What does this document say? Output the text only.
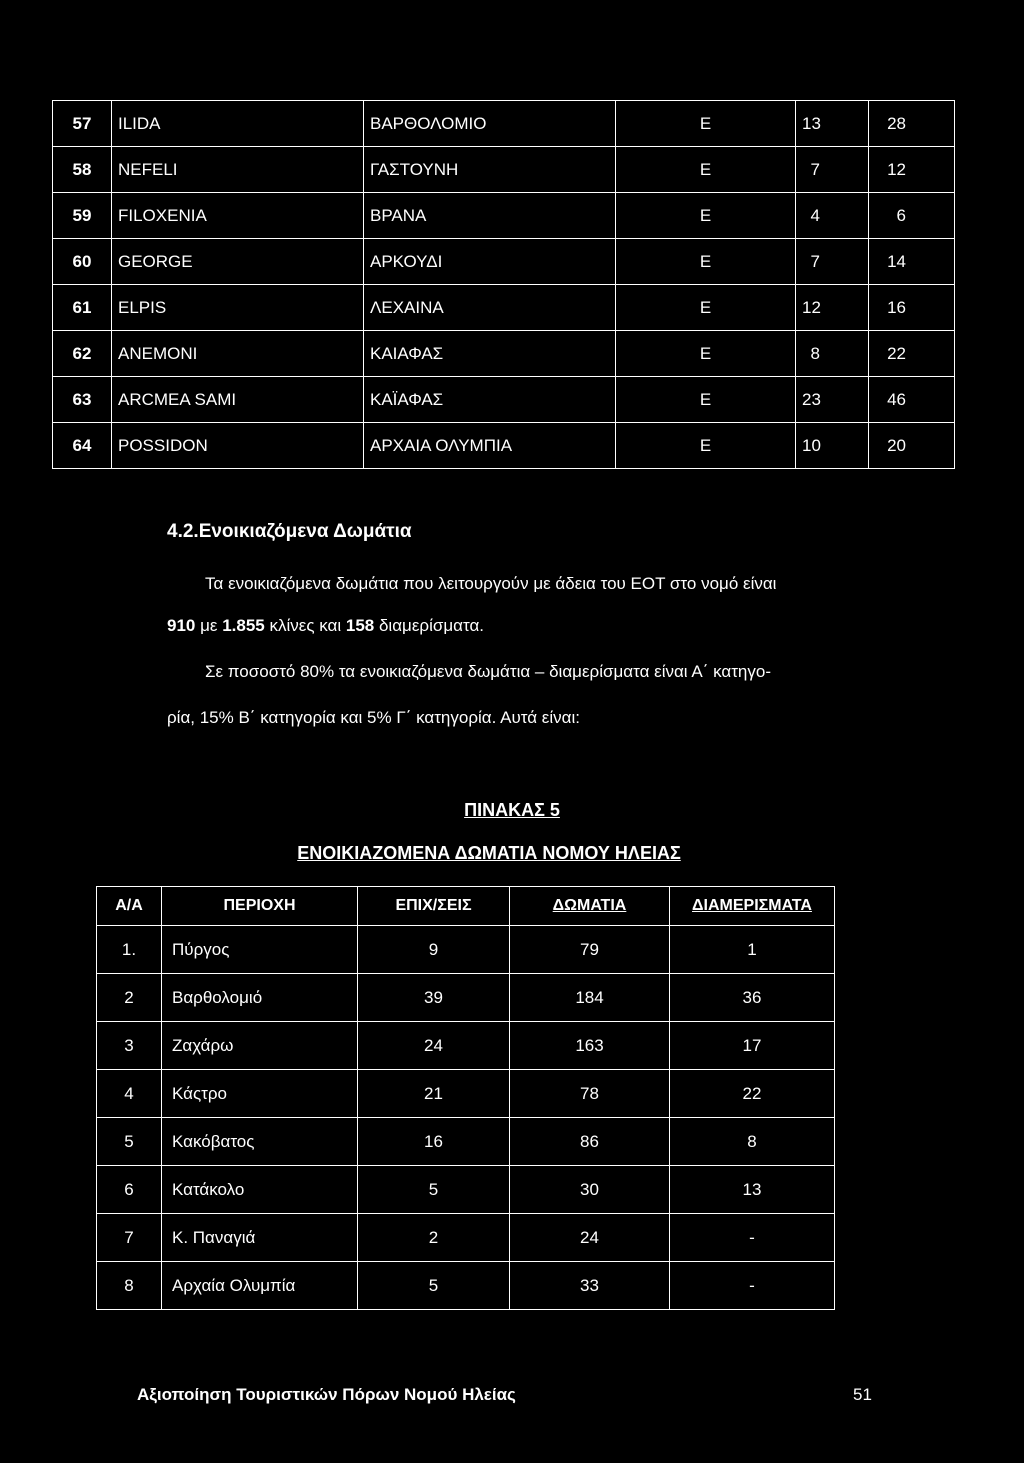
57	ILIDA	ΒΑΡΘΟΛΟΜΙΟ	Ε	13	28
58	NEFELI	ΓΑΣΤΟΥΝΗ	Ε	7	12
59	FILOXENIA	ΒΡΑΝΑ	Ε	4	6
60	GEORGE	ΑΡΚΟΥΔΙ	Ε	7	14
61	ELPIS	ΛΕΧΑΙΝΑ	Ε	12	16
62	ANEMONI	ΚΑΙΑΦΑΣ	Ε	8	22
63	ARCMEA SAMI	ΚΑΪΑΦΑΣ	Ε	23	46
64	POSSIDON	ΑΡΧΑΙΑ ΟΛΥΜΠΙΑ	Ε	10	20
4.2.Ενοικιαζόμενα Δωμάτια

Τα ενοικιαζόμενα δωμάτια που λειτουργούν με άδεια του ΕΟΤ στο νομό είναι

910 με 1.855 κλίνες και 158 διαμερίσματα.

Σε ποσοστό 80% τα ενοικιαζόμενα δωμάτια – διαμερίσματα είναι Α΄ κατηγο-

ρία, 15% Β΄ κατηγορία και 5% Γ΄ κατηγορία. Αυτά είναι:

ΠΙΝΑΚΑΣ 5

ΕΝΟΙΚΙΑΖΟΜΕΝΑ ΔΩΜΑΤΙΑ ΝΟΜΟΥ ΗΛΕΙΑΣ

Α/Α	ΠΕΡΙΟΧΗ	ΕΠΙΧ/ΣΕΙΣ	ΔΩΜΑΤΙΑ	ΔΙΑΜΕΡΙΣΜΑΤΑ
1.	Πύργος	9	79	1
2	Βαρθολομιό	39	184	36
3	Ζαχάρω	24	163	17
4	Κάςτρο	21	78	22
5	Κακόβατος	16	86	8
6	Κατάκολο	5	30	13
7	Κ. Παναγιά	2	24	-
8	Αρχαία Ολυμπία	5	33	-

Αξιοποίηση Τουριστικών Πόρων Νομού Ηλείας	51
